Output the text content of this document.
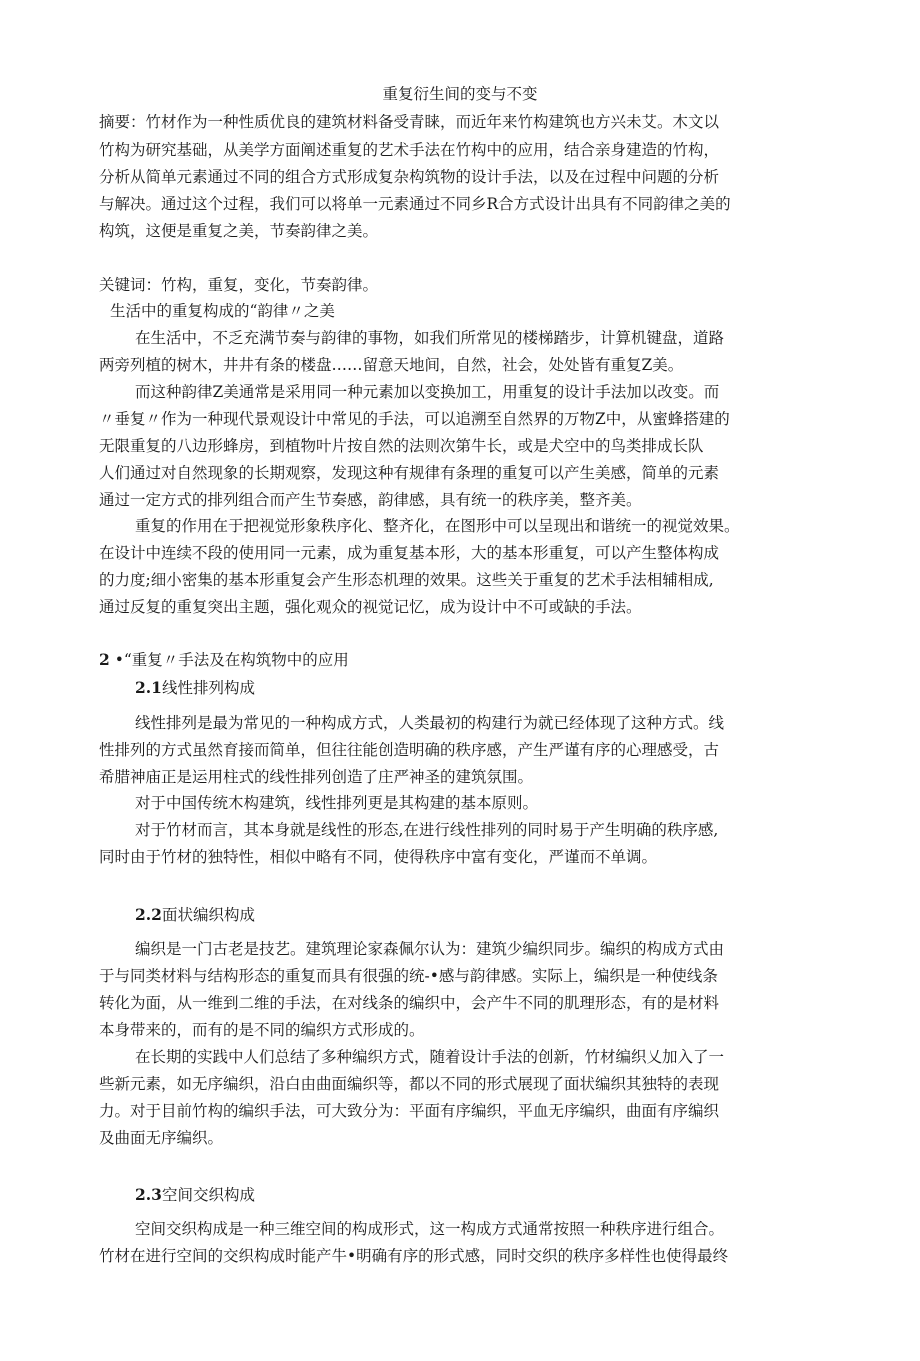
重复衍生间的变与不变
摘要：竹材作为一种性质优良的建筑材料备受青睐，而近年来竹构建筑也方兴未艾。木文以
竹构为研究基础，从美学方面阐述重复的艺术手法在竹构中的应用，结合亲身建造的竹构，
分析从简单元素通过不同的组合方式形成复杂构筑物的设计手法，以及在过程中问题的分析
与解决。通过这个过程，我们可以将单一元素通过不同乡R合方式设计出具有不同韵律之美的
构筑，这便是重复之美，节奏韵律之美。
关键词：竹构，重复，变化，节奏韵律。
生活中的重复构成的“韵律〃之美
在生活中，不乏充满节奏与韵律的事物，如我们所常见的楼梯踏步，计算机键盘，道路
两旁列植的树木，井井有条的楼盘……留意天地间，自然，社会，处处皆有重复Z美。
而这种韵律Z美通常是采用同一种元素加以变换加工，用重复的设计手法加以改变。而
〃垂复〃作为一种现代景观设计中常见的手法，可以追溯至自然界的万物Z中，从蜜蜂搭建的
无限重复的八边形蜂房，到植物叶片按自然的法则次第牛长，或是犬空中的鸟类排成长队
人们通过对自然现象的长期观察，发现这种有规律有条理的重复可以产生美感，简单的元素
通过一定方式的排列组合而产生节奏感，韵律感，具有统一的秩序美，整齐美。
重复的作用在于把视觉形象秩序化、整齐化，在图形中可以呈现出和谐统一的视觉效果。
在设计中连续不段的使用同一元素，成为重复基本形，大的基本形重复，可以产生整体构成
的力度;细小密集的基本形重复会产生形态机理的效果。这些关于重复的艺术手法相辅相成,
通过反复的重复突出主题，强化观众的视觉记忆，成为设计中不可或缺的手法。
2 •“重复〃手法及在构筑物中的应用
2.1线性排列构成
线性排列是最为常见的一种构成方式，人类最初的构建行为就已经体现了这种方式。线
性排列的方式虽然育接而简单，但往往能创造明确的秩序感，产生严谨有序的心理感受，古
希腊神庙正是运用柱式的线性排列创造了庄严神圣的建筑氛围。
对于中国传统木构建筑，线性排列更是其构建的基本原则。
对于竹材而言，其本身就是线性的形态,在进行线性排列的同时易于产生明确的秩序感,
同时由于竹材的独特性，相似中略有不同，使得秩序中富有变化，严谨而不单调。
2.2面状编织构成
编织是一门古老是技艺。建筑理论家森佩尔认为：建筑少编织同步。编织的构成方式由
于与同类材料与结构形态的重复而具有很强的统-•感与韵律感。实际上，编织是一种使线条
转化为面，从一维到二维的手法，在对线条的编织中，会产牛不同的肌理形态，有的是材料
本身带来的，而有的是不同的编织方式形成的。
在长期的实践中人们总结了多种编织方式，随着设计手法的创新，竹材编织乂加入了一
些新元素，如无序编织，沿白由曲面编织等，都以不同的形式展现了面状编织其独特的表现
力。对于目前竹构的编织手法，可大致分为：平面有序编织，平血无序编织，曲面有序编织
及曲面无序编织。
2.3空间交织构成
空间交织构成是一种三维空间的构成形式，这一构成方式通常按照一种秩序进行组合。
竹材在进行空间的交织构成时能产牛•明确有序的形式感，同时交织的秩序多样性也使得最终
